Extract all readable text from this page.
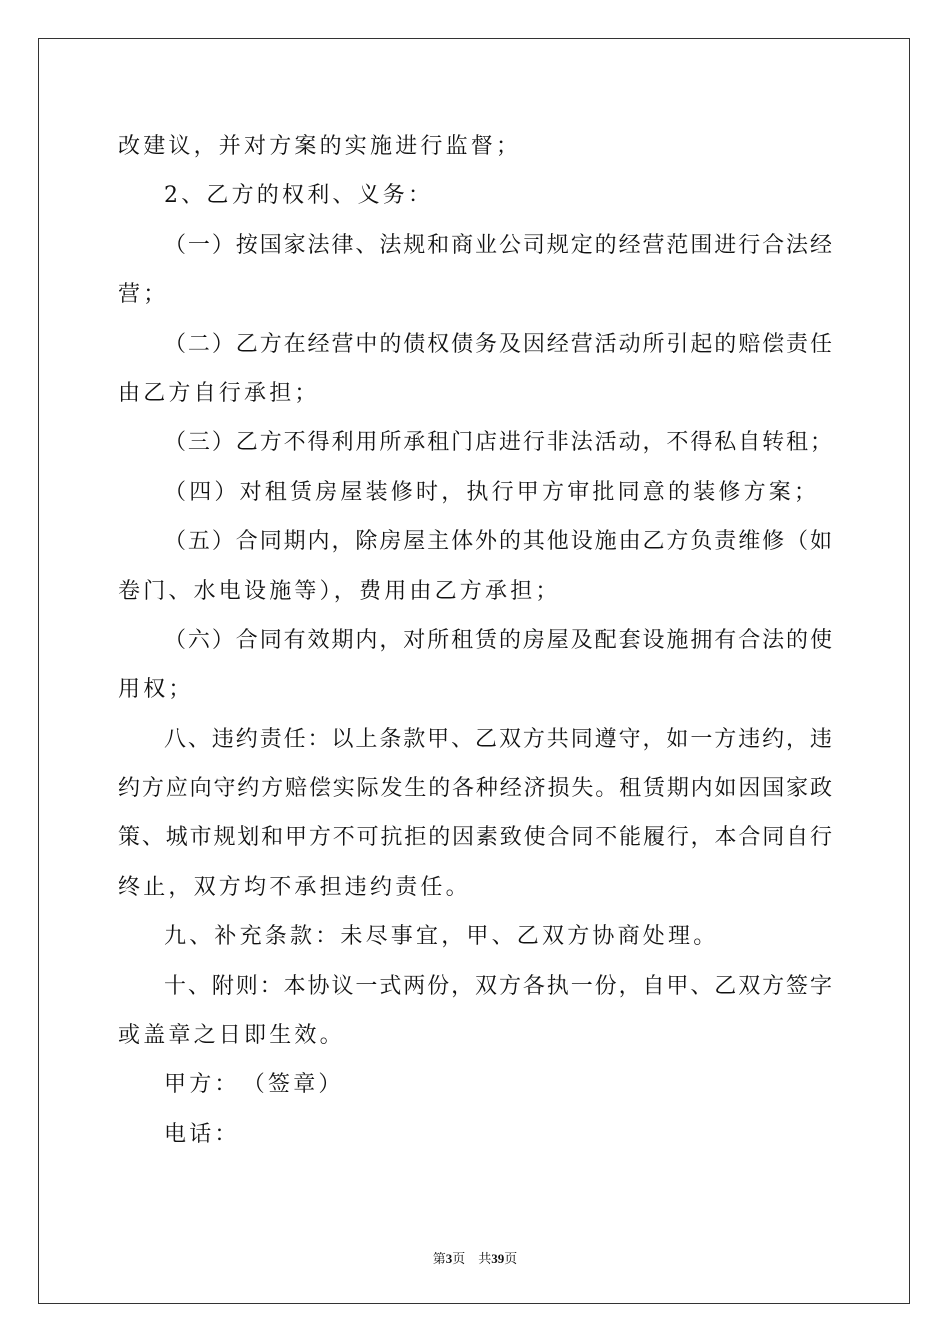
改建议，并对方案的实施进行监督；
2、乙方的权利、义务：
（一）按国家法律、法规和商业公司规定的经营范围进行合法经
营；
（二）乙方在经营中的债权债务及因经营活动所引起的赔偿责任
由乙方自行承担；
（三）乙方不得利用所承租门店进行非法活动，不得私自转租；
（四）对租赁房屋装修时，执行甲方审批同意的装修方案；
（五）合同期内，除房屋主体外的其他设施由乙方负责维修（如
卷门、水电设施等），费用由乙方承担；
（六）合同有效期内，对所租赁的房屋及配套设施拥有合法的使
用权；
八、违约责任：以上条款甲、乙双方共同遵守，如一方违约，违
约方应向守约方赔偿实际发生的各种经济损失。租赁期内如因国家政
策、城市规划和甲方不可抗拒的因素致使合同不能履行，本合同自行
终止，双方均不承担违约责任。
九、补充条款：未尽事宜，甲、乙双方协商处理。
十、附则：本协议一式两份，双方各执一份，自甲、乙双方签字
或盖章之日即生效。
甲方：　（签章）
电话：
第3页　共39页
